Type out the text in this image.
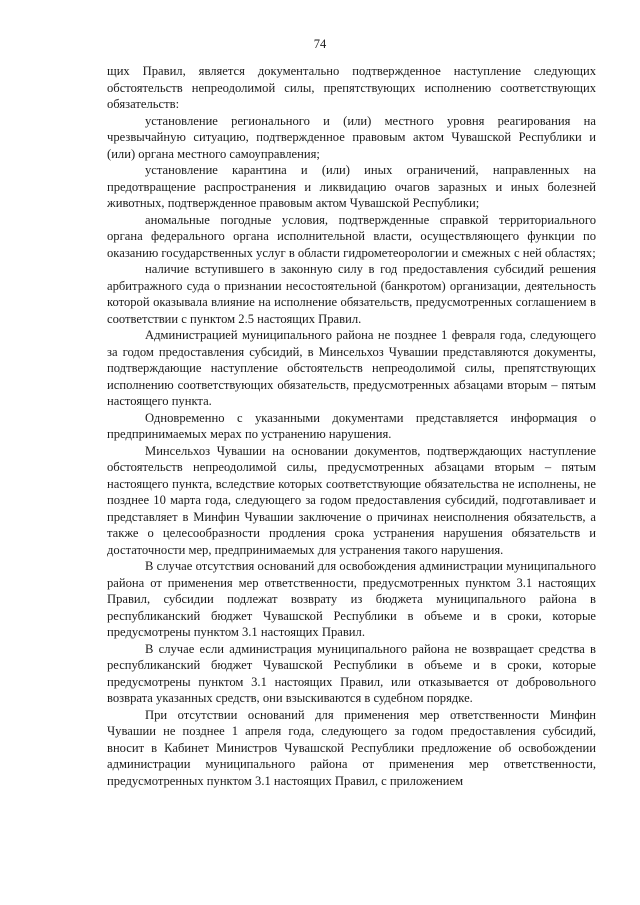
74

щих Правил, является документально подтвержденное наступление следующих обстоятельств непреодолимой силы, препятствующих исполнению соответствующих обязательств:

установление регионального и (или) местного уровня реагирования на чрезвычайную ситуацию, подтвержденное правовым актом Чувашской Республики и (или) органа местного самоуправления;

установление карантина и (или) иных ограничений, направленных на предотвращение распространения и ликвидацию очагов заразных и иных болезней животных, подтвержденное правовым актом Чувашской Республики;

аномальные погодные условия, подтвержденные справкой территориального органа федерального органа исполнительной власти, осуществляющего функции по оказанию государственных услуг в области гидрометеорологии и смежных с ней областях;

наличие вступившего в законную силу в год предоставления субсидий решения арбитражного суда о признании несостоятельной (банкротом) организации, деятельность которой оказывала влияние на исполнение обязательств, предусмотренных соглашением в соответствии с пунктом 2.5 настоящих Правил.

Администрацией муниципального района не позднее 1 февраля года, следующего за годом предоставления субсидий, в Минсельхоз Чувашии представляются документы, подтверждающие наступление обстоятельств непреодолимой силы, препятствующих исполнению соответствующих обязательств, предусмотренных абзацами вторым – пятым настоящего пункта.

Одновременно с указанными документами представляется информация о предпринимаемых мерах по устранению нарушения.

Минсельхоз Чувашии на основании документов, подтверждающих наступление обстоятельств непреодолимой силы, предусмотренных абзацами вторым – пятым настоящего пункта, вследствие которых соответствующие обязательства не исполнены, не позднее 10 марта года, следующего за годом предоставления субсидий, подготавливает и представляет в Минфин Чувашии заключение о причинах неисполнения обязательств, а также о целесообразности продления срока устранения нарушения обязательств и достаточности мер, предпринимаемых для устранения такого нарушения.

В случае отсутствия оснований для освобождения администрации муниципального района от применения мер ответственности, предусмотренных пунктом 3.1 настоящих Правил, субсидии подлежат возврату из бюджета муниципального района в республиканский бюджет Чувашской Республики в объеме и в сроки, которые предусмотрены пунктом 3.1 настоящих Правил.

В случае если администрация муниципального района не возвращает средства в республиканский бюджет Чувашской Республики в объеме и в сроки, которые предусмотрены пунктом 3.1 настоящих Правил, или отказывается от добровольного возврата указанных средств, они взыскиваются в судебном порядке.

При отсутствии оснований для применения мер ответственности Минфин Чувашии не позднее 1 апреля года, следующего за годом предоставления субсидий, вносит в Кабинет Министров Чувашской Республики предложение об освобождении администрации муниципального района от применения мер ответственности, предусмотренных пунктом 3.1 настоящих Правил, с приложением
